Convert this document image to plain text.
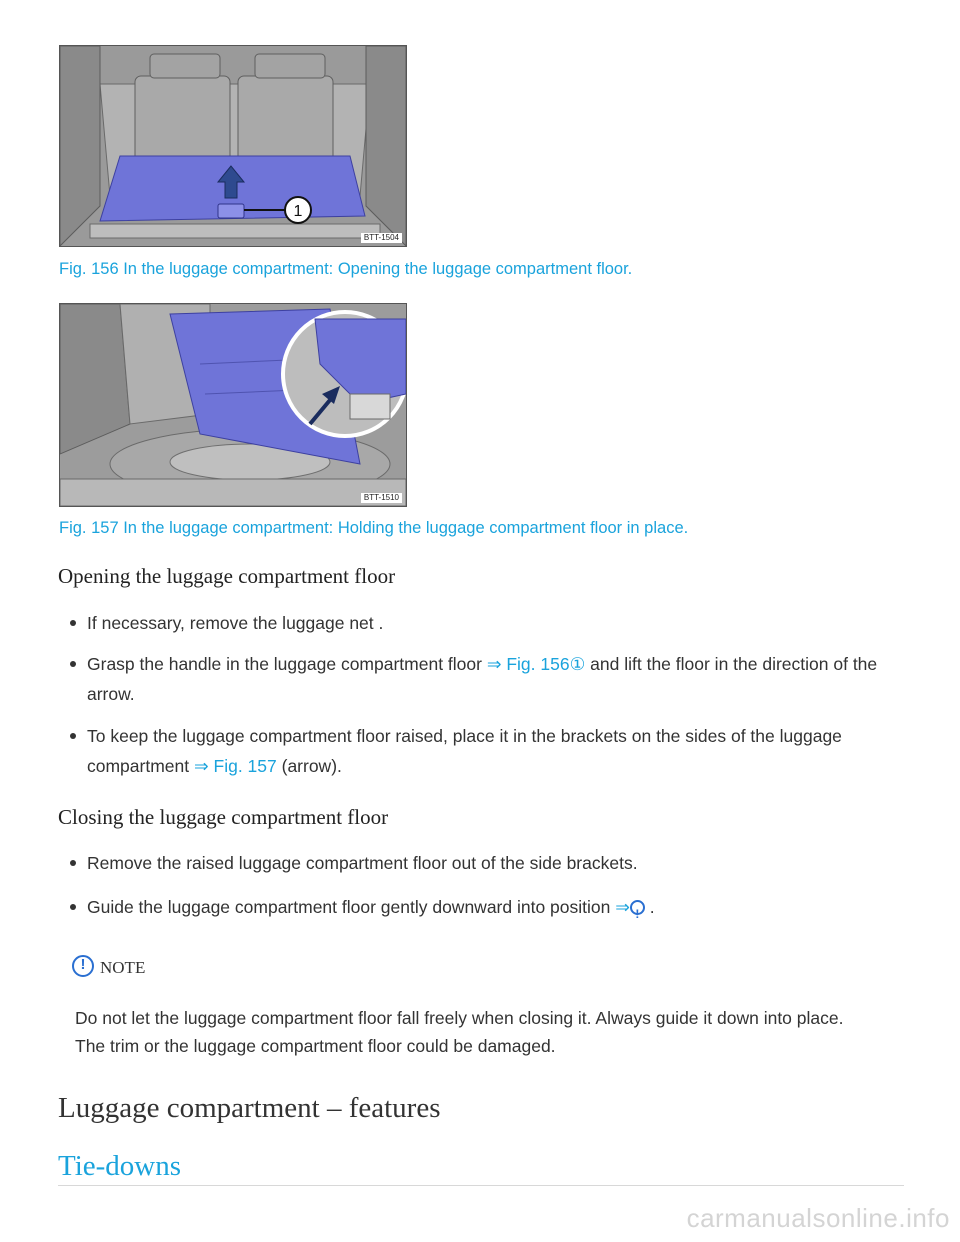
1
BTT-1504
Fig. 156 In the luggage compartment: Opening the luggage compartment floor.
BTT-1510
Fig. 157 In the luggage compartment: Holding the luggage compartment floor in place.
Opening the luggage compartment floor
If necessary, remove the luggage net .
Grasp the handle in the luggage compartment floor ⇒ Fig. 156① and lift the floor in the direction of the arrow.
To keep the luggage compartment floor raised, place it in the brackets on the sides of the luggage compartment ⇒ Fig. 157 (arrow).
Closing the luggage compartment floor
Remove the raised luggage compartment floor out of the side brackets.
Guide the luggage compartment floor gently downward into position ⇒! .
!NOTE
Do not let the luggage compartment floor fall freely when closing it. Always guide it down into place. The trim or the luggage compartment floor could be damaged.
Luggage compartment – features
Tie-downs
carmanualsonline.info
